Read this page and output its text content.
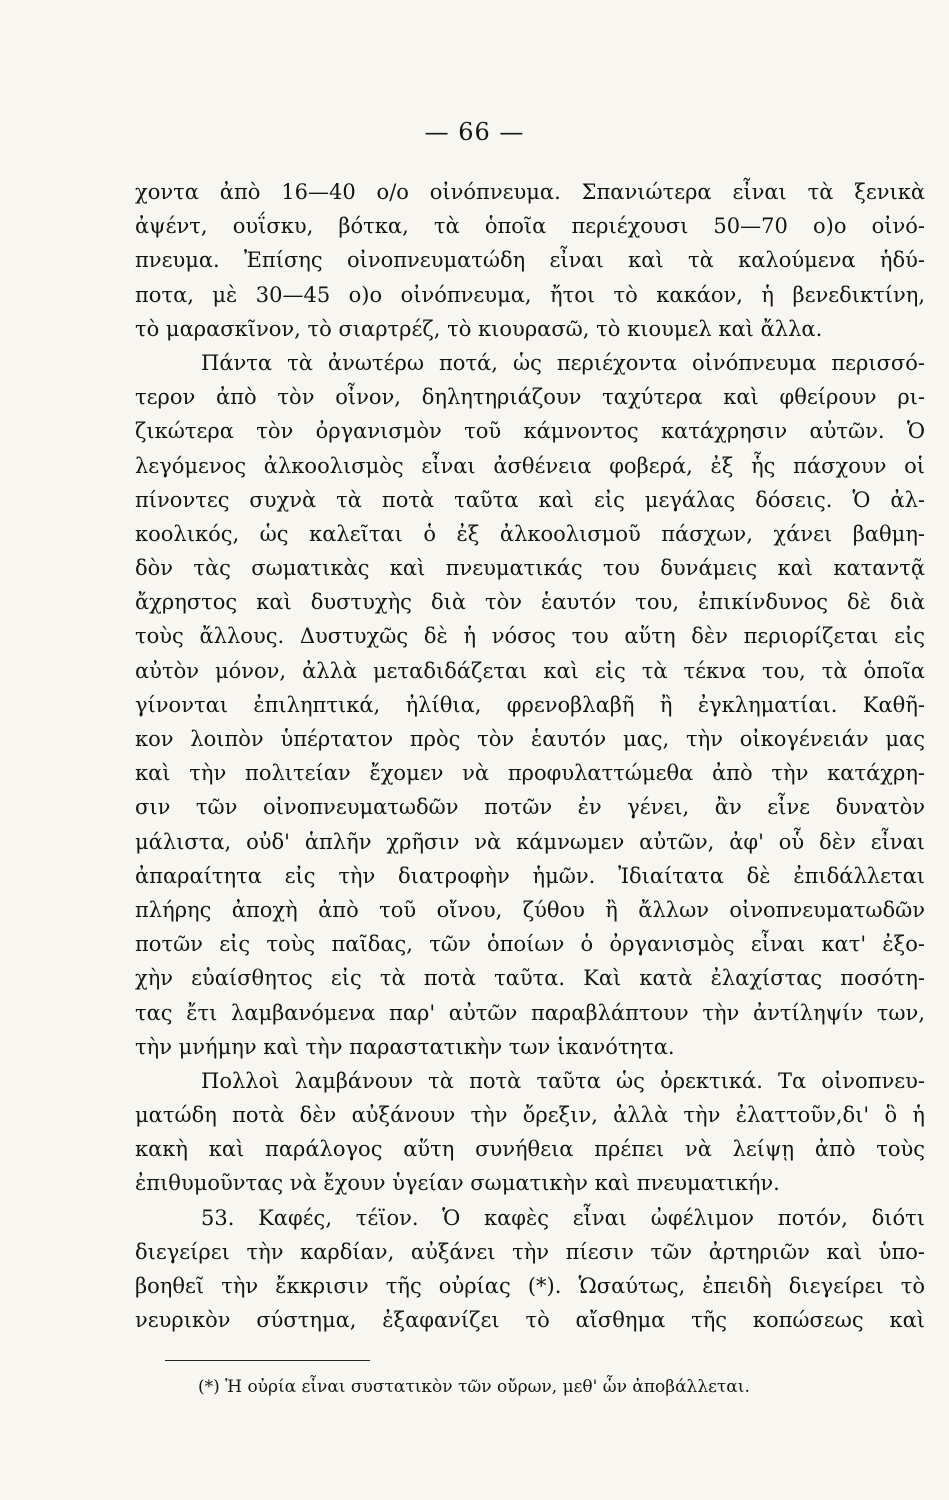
— 66 —
χοντα ἀπὸ 16—40 ο/ο οἰνόπνευμα. Σπανιώτερα εἶναι τὰ ξενικὰ
ἀψέντ, ουΐσκυ, βότκα, τὰ ὁποῖα περιέχουσι 50—70 ο)ο οἰνό-
πνευμα. Ἐπίσης οἰνοπνευματώδη εἶναι καὶ τὰ καλούμενα ἡδύ-
ποτα, μὲ 30—45 ο)ο οἰνόπνευμα, ἤτοι τὸ κακάον, ἡ βενεδικτίνη,
τὸ μαρασκῖνον, τὸ σιαρτρέζ, τὸ κιουρασῶ, τὸ κιουμελ καὶ ἄλλα.
Πάντα τὰ ἀνωτέρω ποτά, ὡς περιέχοντα οἰνόπνευμα περισσό-
τερον ἀπὸ τὸν οἶνον, δηλητηριάζουν ταχύτερα καὶ φθείρουν ρι-
ζικώτερα τὸν ὀργανισμὸν τοῦ κάμνοντος κατάχρησιν αὐτῶν. Ὁ
λεγόμενος ἀλκοολισμὸς εἶναι ἀσθένεια φοβερά, ἐξ ἧς πάσχουν οἱ
πίνοντες συχνὰ τὰ ποτὰ ταῦτα καὶ εἰς μεγάλας δόσεις. Ὁ ἀλ-
κοολικός, ὡς καλεῖται ὁ ἐξ ἀλκοολισμοῦ πάσχων, χάνει βαθμη-
δὸν τὰς σωματικὰς καὶ πνευματικάς του δυνάμεις καὶ καταντᾷ
ἄχρηστος καὶ δυστυχὴς διὰ τὸν ἑαυτόν του, ἐπικίνδυνος δὲ διὰ
τοὺς ἄλλους. Δυστυχῶς δὲ ἡ νόσος του αὕτη δὲν περιορίζεται εἰς
αὐτὸν μόνον, ἀλλὰ μεταδιδάζεται καὶ εἰς τὰ τέκνα του, τὰ ὁποῖα
γίνονται ἐπιληπτικά, ἠλίθια, φρενοβλαβῆ ἢ ἐγκληματίαι. Καθῆ-
κον λοιπὸν ὑπέρτατον πρὸς τὸν ἑαυτόν μας, τὴν οἰκογένειάν μας
καὶ τὴν πολιτείαν ἔχομεν νὰ προφυλαττώμεθα ἀπὸ τὴν κατάχρη-
σιν τῶν οἰνοπνευματωδῶν ποτῶν ἐν γένει, ἂν εἶνε δυνατὸν
μάλιστα, οὐδ' ἁπλῆν χρῆσιν νὰ κάμνωμεν αὐτῶν, ἀφ' οὗ δὲν εἶναι
ἀπαραίτητα εἰς τὴν διατροφὴν ἡμῶν. Ἰδιαίτατα δὲ ἐπιδάλλεται
πλήρης ἀποχὴ ἀπὸ τοῦ οἴνου, ζύθου ἢ ἄλλων οἰνοπνευματωδῶν
ποτῶν εἰς τοὺς παῖδας, τῶν ὁποίων ὁ ὀργανισμὸς εἶναι κατ' ἐξο-
χὴν εὐαίσθητος εἰς τὰ ποτὰ ταῦτα. Καὶ κατὰ ἐλαχίστας ποσότη-
τας ἔτι λαμβανόμενα παρ' αὐτῶν παραβλάπτουν τὴν ἀντίληψίν των,
τὴν μνήμην καὶ τὴν παραστατικὴν των ἱκανότητα.
Πολλοὶ λαμβάνουν τὰ ποτὰ ταῦτα ὡς ὀρεκτικά. Τα οἰνοπνευ-
ματώδη ποτὰ δὲν αὐξάνουν τὴν ὄρεξιν, ἀλλὰ τὴν ἐλαττοῦν,δι' ὃ ἡ
κακὴ καὶ παράλογος αὕτη συνήθεια πρέπει νὰ λείψῃ ἀπὸ τοὺς
ἐπιθυμοῦντας νὰ ἔχουν ὑγείαν σωματικὴν καὶ πνευματικήν.
53. Καφές, τέϊον. Ὁ καφὲς εἶναι ὠφέλιμον ποτόν, διότι
διεγείρει τὴν καρδίαν, αὐξάνει τὴν πίεσιν τῶν ἀρτηριῶν καὶ ὑπο-
βοηθεῖ τὴν ἔκκρισιν τῆς οὐρίας (*). Ὡσαύτως, ἐπειδὴ διεγείρει τὸ
νευρικὸν σύστημα, ἐξαφανίζει τὸ αἴσθημα τῆς κοπώσεως καὶ
(*) Ἡ οὐρία εἶναι συστατικὸν τῶν οὔρων, μεθ' ὧν ἀποβάλλεται.
